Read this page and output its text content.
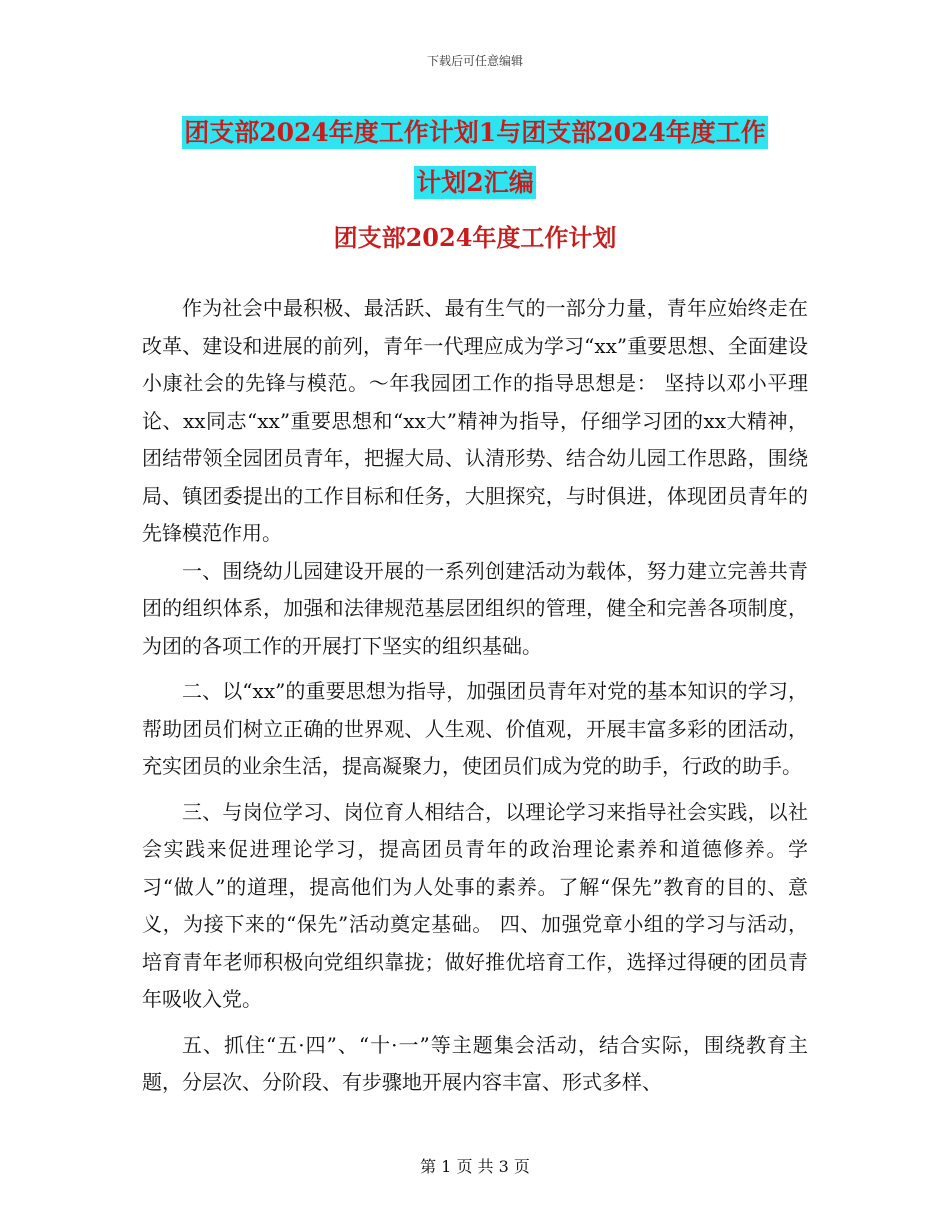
下载后可任意编辑
团支部2024年度工作计划1与团支部2024年度工作
计划2汇编
团支部2024年度工作计划

作为社会中最积极、最活跃、最有生气的一部分力量，青年应始终走在改革、建设和进展的前列，青年一代理应成为学习“xx”重要思想、全面建设小康社会的先锋与模范。～年我园团工作的指导思想是： 坚持以邓小平理论、xx同志“xx”重要思想和“xx大”精神为指导，仔细学习团的xx大精神，团结带领全园团员青年，把握大局、认清形势、结合幼儿园工作思路，围绕局、镇团委提出的工作目标和任务，大胆探究，与时俱进，体现团员青年的先锋模范作用。

一、围绕幼儿园建设开展的一系列创建活动为载体，努力建立完善共青团的组织体系，加强和法律规范基层团组织的管理，健全和完善各项制度，为团的各项工作的开展打下坚实的组织基础。

二、以“xx”的重要思想为指导，加强团员青年对党的基本知识的学习，帮助团员们树立正确的世界观、人生观、价值观，开展丰富多彩的团活动，充实团员的业余生活，提高凝聚力，使团员们成为党的助手，行政的助手。

三、与岗位学习、岗位育人相结合，以理论学习来指导社会实践，以社会实践来促进理论学习，提高团员青年的政治理论素养和道德修养。学习“做人”的道理，提高他们为人处事的素养。了解“保先”教育的目的、意义，为接下来的“保先”活动奠定基础。 四、加强党章小组的学习与活动，培育青年老师积极向党组织靠拢；做好推优培育工作，选择过得硬的团员青年吸收入党。

五、抓住“五·四”、“十·一”等主题集会活动，结合实际，围绕教育主题，分层次、分阶段、有步骤地开展内容丰富、形式多样、

第 1 页 共 3 页
